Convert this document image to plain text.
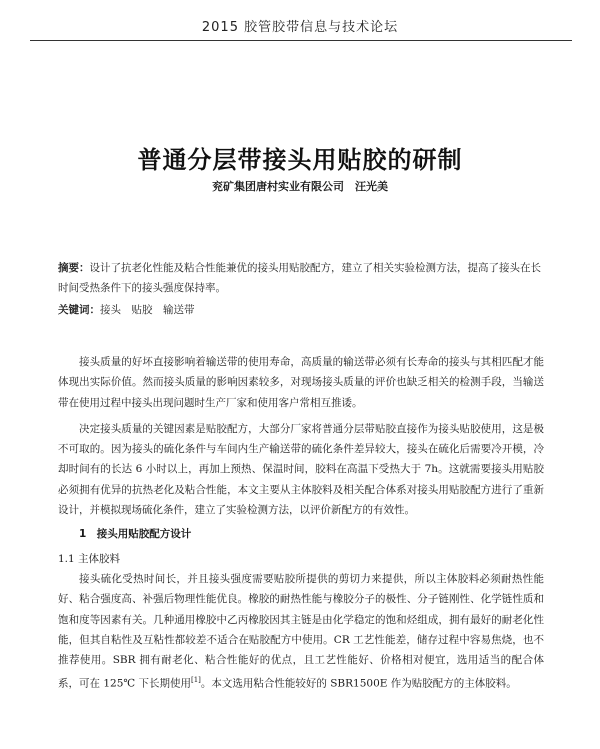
2015 胶管胶带信息与技术论坛
普通分层带接头用贴胶的研制
兖矿集团唐村实业有限公司　汪光美
摘要：设计了抗老化性能及粘合性能兼优的接头用贴胶配方，建立了相关实验检测方法，提高了接头在长时间受热条件下的接头强度保持率。
关键词：接头　贴胶　输送带

接头质量的好坏直接影响着输送带的使用寿命，高质量的输送带必须有长寿命的接头与其相匹配才能体现出实际价值。然而接头质量的影响因素较多，对现场接头质量的评价也缺乏相关的检测手段，当输送带在使用过程中接头出现问题时生产厂家和使用客户常相互推诿。

决定接头质量的关键因素是贴胶配方，大部分厂家将普通分层带贴胶直接作为接头贴胶使用，这是极不可取的。因为接头的硫化条件与车间内生产输送带的硫化条件差异较大，接头在硫化后需要冷开模，冷却时间有的长达 6 小时以上，再加上预热、保温时间，胶料在高温下受热大于 7h。这就需要接头用贴胶必须拥有优异的抗热老化及粘合性能，本文主要从主体胶料及相关配合体系对接头用贴胶配方进行了重新设计，并模拟现场硫化条件，建立了实验检测方法，以评价新配方的有效性。

1　接头用贴胶配方设计
1.1 主体胶料

接头硫化受热时间长，并且接头强度需要贴胶所提供的剪切力来提供，所以主体胶料必须耐热性能好、粘合强度高、补强后物理性能优良。橡胶的耐热性能与橡胶分子的极性、分子链刚性、化学链性质和饱和度等因素有关。几种通用橡胶中乙丙橡胶因其主链是由化学稳定的饱和烃组成，拥有最好的耐老化性能，但其自粘性及互粘性都较差不适合在贴胶配方中使用。CR 工艺性能差，储存过程中容易焦烧，也不推荐使用。SBR 拥有耐老化、粘合性能好的优点，且工艺性能好、价格相对便宜，选用适当的配合体系，可在 125℃ 下长期使用[1]。本文选用粘合性能较好的 SBR1500E 作为贴胶配方的主体胶料。
